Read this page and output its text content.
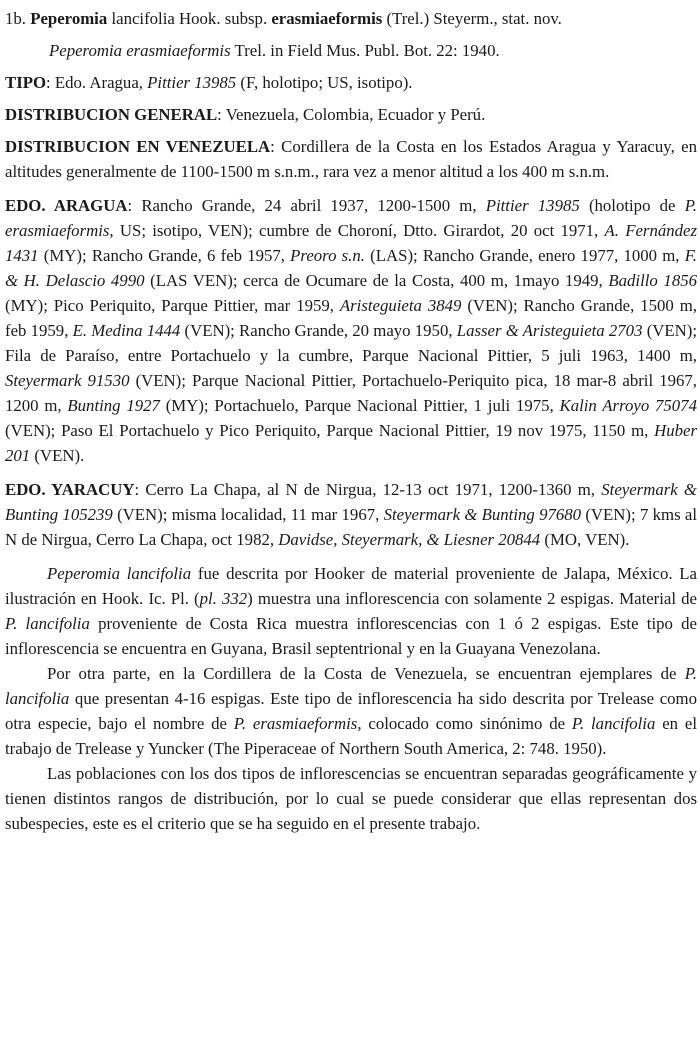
1b. Peperomia lancifolia Hook. subsp. erasmiaeformis (Trel.) Steyerm., stat. nov.

Peperomia erasmiaeformis Trel. in Field Mus. Publ. Bot. 22: 1940.

TIPO: Edo. Aragua, Pittier 13985 (F, holotipo; US, isotipo).

DISTRIBUCION GENERAL: Venezuela, Colombia, Ecuador y Perú.

DISTRIBUCION EN VENEZUELA: Cordillera de la Costa en los Estados Aragua y Yaracuy, en altitudes generalmente de 1100-1500 m s.n.m., rara vez a menor altitud a los 400 m s.n.m.

EDO. ARAGUA: Rancho Grande, 24 abril 1937, 1200-1500 m, Pittier 13985 (holotipo de P. erasmiaeformis, US; isotipo, VEN); cumbre de Choroní, Dtto. Girardot, 20 oct 1971, A. Fernández 1431 (MY); Rancho Grande, 6 feb 1957, Preoro s.n. (LAS); Rancho Grande, enero 1977, 1000 m, F. & H. Delascio 4990 (LAS VEN); cerca de Ocumare de la Costa, 400 m, 1mayo 1949, Badillo 1856 (MY); Pico Periquito, Parque Pittier, mar 1959, Aristeguieta 3849 (VEN); Rancho Grande, 1500 m, feb 1959, E. Medina 1444 (VEN); Rancho Grande, 20 mayo 1950, Lasser & Aristeguieta 2703 (VEN); Fila de Paraíso, entre Portachuelo y la cumbre, Parque Nacional Pittier, 5 juli 1963, 1400 m, Steyermark 91530 (VEN); Parque Nacional Pittier, Portachuelo-Periquito pica, 18 mar-8 abril 1967, 1200 m, Bunting 1927 (MY); Portachuelo, Parque Nacional Pittier, 1 juli 1975, Kalin Arroyo 75074 (VEN); Paso El Portachuelo y Pico Periquito, Parque Nacional Pittier, 19 nov 1975, 1150 m, Huber 201 (VEN).

EDO. YARACUY: Cerro La Chapa, al N de Nirgua, 12-13 oct 1971, 1200-1360 m, Steyermark & Bunting 105239 (VEN); misma localidad, 11 mar 1967, Steyermark & Bunting 97680 (VEN); 7 kms al N de Nirgua, Cerro La Chapa, oct 1982, Davidse, Steyermark, & Liesner 20844 (MO, VEN).

Peperomia lancifolia fue descrita por Hooker de material proveniente de Jalapa, México. La ilustración en Hook. Ic. Pl. (pl. 332) muestra una inflorescencia con solamente 2 espigas. Material de P. lancifolia proveniente de Costa Rica muestra inflorescencias con 1 ó 2 espigas. Este tipo de inflorescencia se encuentra en Guyana, Brasil septentrional y en la Guayana Venezolana.

Por otra parte, en la Cordillera de la Costa de Venezuela, se encuentran ejemplares de P. lancifolia que presentan 4-16 espigas. Este tipo de inflorescencia ha sido descrita por Trelease como otra especie, bajo el nombre de P. erasmiaeformis, colocado como sinónimo de P. lancifolia en el trabajo de Trelease y Yuncker (The Piperaceae of Northern South America, 2: 748. 1950).

Las poblaciones con los dos tipos de inflorescencias se encuentran separadas geográficamente y tienen distintos rangos de distribución, por lo cual se puede considerar que ellas representan dos subespecies, este es el criterio que se ha seguido en el presente trabajo.
